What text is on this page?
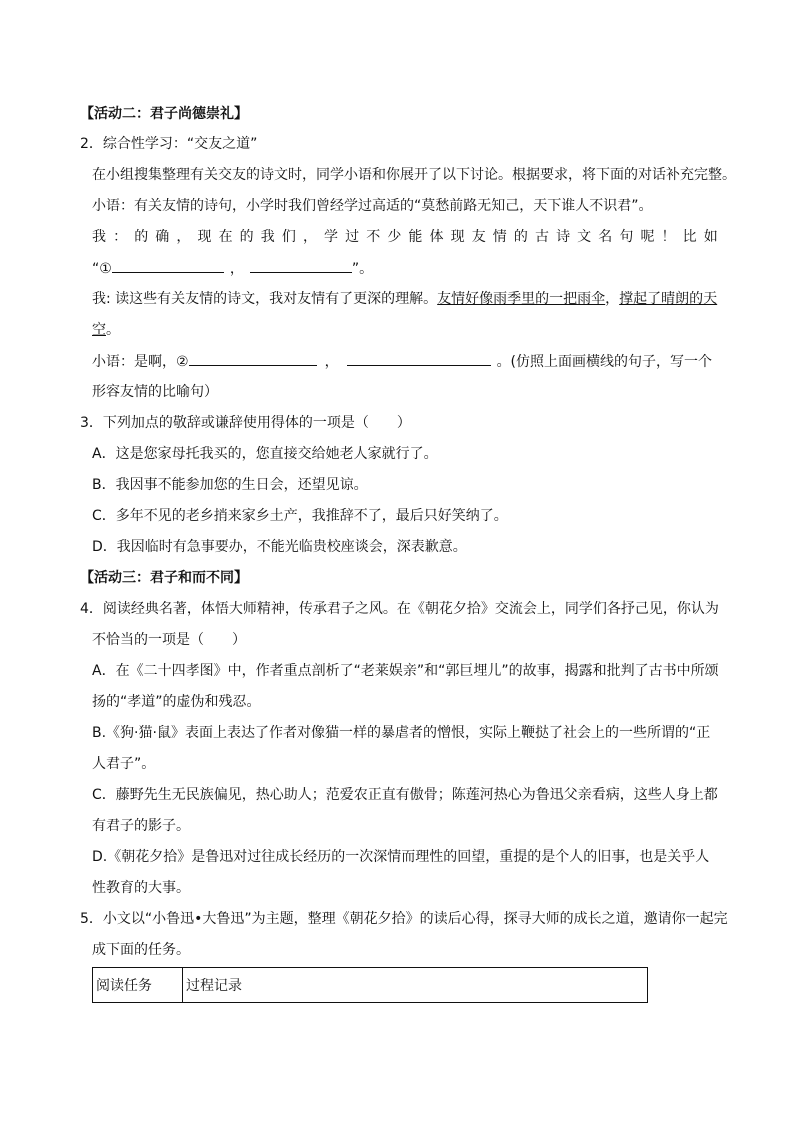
【活动二：君子尚德崇礼】
2．综合性学习：“交友之道”
在小组搜集整理有关交友的诗文时，同学小语和你展开了以下讨论。根据要求，将下面的对话补充完整。
小语：有关友情的诗句，小学时我们曾经学过高适的“莫愁前路无知己，天下谁人不识君”。
我 ： 的 确 ， 现 在 的 我 们 ， 学 过 不 少 能 体 现 友 情 的 古 诗 文 名 句 呢 ！ 比 如
“①	，	”。
我: 读这些有关友情的诗文，我对友情有了更深的理解。友情好像雨季里的一把雨伞，撑起了晴朗的天
空。
小语：是啊，②	，	。(仿照上面画横线的句子，写一个
形容友情的比喻句）
3．下列加点的敬辞或谦辞使用得体的一项是（　　）
A．这是您家母托我买的，您直接交给她老人家就行了。
B．我因事不能参加您的生日会，还望见谅。
C．多年不见的老乡捎来家乡土产，我推辞不了，最后只好笑纳了。
D．我因临时有急事要办，不能光临贵校座谈会，深表歉意。
【活动三：君子和而不同】
4．阅读经典名著，体悟大师精神，传承君子之风。在《朝花夕拾》交流会上，同学们各抒己见，你认为
不恰当的一项是（　　）
A．在《二十四孝图》中，作者重点剖析了“老莱娱亲”和“郭巨埋儿”的故事，揭露和批判了古书中所颂
扬的“孝道”的虚伪和残忍。
B.《狗·猫·鼠》表面上表达了作者对像猫一样的暴虐者的憎恨，实际上鞭挞了社会上的一些所谓的“正
人君子”。
C．藤野先生无民族偏见，热心助人；范爱农正直有傲骨；陈莲河热心为鲁迅父亲看病，这些人身上都
有君子的影子。
D.《朝花夕拾》是鲁迅对过往成长经历的一次深情而理性的回望，重提的是个人的旧事，也是关乎人
性教育的大事。
5．小文以“小鲁迅•大鲁迅”为主题，整理《朝花夕拾》的读后心得，探寻大师的成长之道，邀请你一起完
成下面的任务。
阅读任务	过程记录
